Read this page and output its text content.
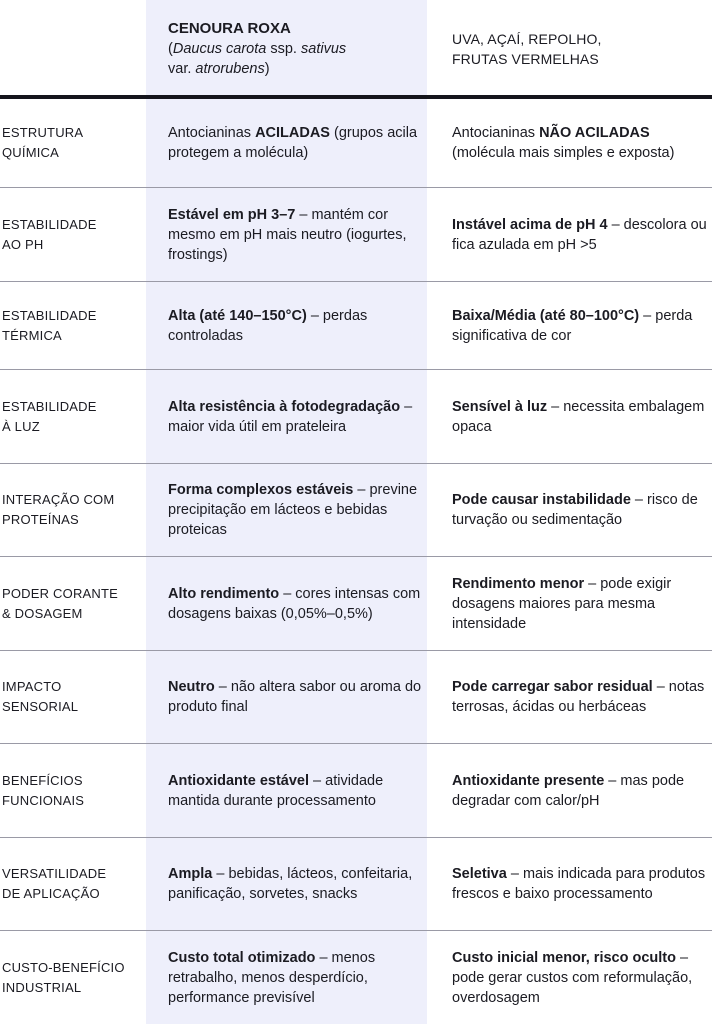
CENOURA ROXA
(Daucus carota ssp. sativus
var. atrorubens)
UVA, AÇAÍ, REPOLHO,
FRUTAS VERMELHAS
ESTRUTURA
QUÍMICA
Antocianinas ACILADAS (grupos acila protegem a molécula)
Antocianinas NÃO ACILADAS (molécula mais simples e exposta)
ESTABILIDADE
AO PH
Estável em pH 3–7 – mantém cor mesmo em pH mais neutro (iogurtes, frostings)
Instável acima de pH 4 – descolora ou fica azulada em pH >5
ESTABILIDADE
TÉRMICA
Alta (até 140–150°C) – perdas controladas
Baixa/Média (até 80–100°C) – perda significativa de cor
ESTABILIDADE
À LUZ
Alta resistência à fotodegradação – maior vida útil em prateleira
Sensível à luz – necessita embalagem opaca
INTERAÇÃO COM
PROTEÍNAS
Forma complexos estáveis – previne precipitação em lácteos e bebidas proteicas
Pode causar instabilidade – risco de turvação ou sedimentação
PODER CORANTE
& DOSAGEM
Alto rendimento – cores intensas com dosagens baixas (0,05%–0,5%)
Rendimento menor – pode exigir dosagens maiores para mesma intensidade
IMPACTO
SENSORIAL
Neutro – não altera sabor ou aroma do produto final
Pode carregar sabor residual – notas terrosas, ácidas ou herbáceas
BENEFÍCIOS
FUNCIONAIS
Antioxidante estável – atividade mantida durante processamento
Antioxidante presente – mas pode degradar com calor/pH
VERSATILIDADE
DE APLICAÇÃO
Ampla – bebidas, lácteos, confeitaria, panificação, sorvetes, snacks
Seletiva – mais indicada para produtos frescos e baixo processamento
CUSTO-BENEFÍCIO
INDUSTRIAL
Custo total otimizado – menos retrabalho, menos desperdício, performance previsível
Custo inicial menor, risco oculto – pode gerar custos com reformulação, overdosagem
